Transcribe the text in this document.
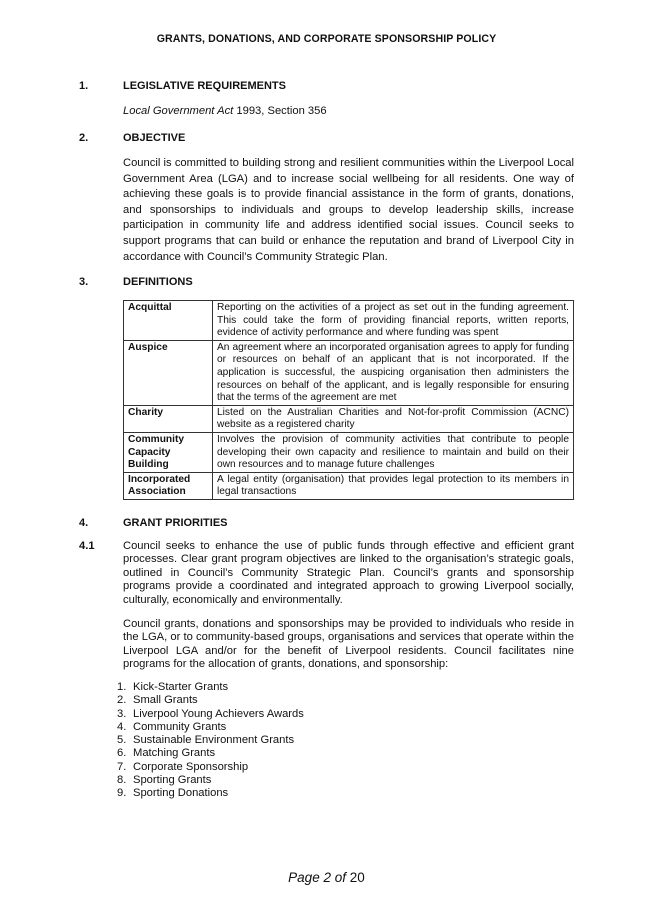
GRANTS, DONATIONS, AND CORPORATE SPONSORSHIP POLICY
1.	LEGISLATIVE REQUIREMENTS
Local Government Act 1993, Section 356
2.	OBJECTIVE
Council is committed to building strong and resilient communities within the Liverpool Local Government Area (LGA) and to increase social wellbeing for all residents. One way of achieving these goals is to provide financial assistance in the form of grants, donations, and sponsorships to individuals and groups to develop leadership skills, increase participation in community life and address identified social issues. Council seeks to support programs that can build or enhance the reputation and brand of Liverpool City in accordance with Council’s Community Strategic Plan.
3.	DEFINITIONS
Acquittal	Reporting on the activities of a project as set out in the funding agreement. This could take the form of providing financial reports, written reports, evidence of activity performance and where funding was spent
Auspice	An agreement where an incorporated organisation agrees to apply for funding or resources on behalf of an applicant that is not incorporated. If the application is successful, the auspicing organisation then administers the resources on behalf of the applicant, and is legally responsible for ensuring that the terms of the agreement are met
Charity	Listed on the Australian Charities and Not-for-profit Commission (ACNC) website as a registered charity
Community Capacity Building	Involves the provision of community activities that contribute to people developing their own capacity and resilience to maintain and build on their own resources and to manage future challenges
Incorporated Association	A legal entity (organisation) that provides legal protection to its members in legal transactions
4.	GRANT PRIORITIES
4.1	Council seeks to enhance the use of public funds through effective and efficient grant processes. Clear grant program objectives are linked to the organisation’s strategic goals, outlined in Council’s Community Strategic Plan. Council’s grants and sponsorship programs provide a coordinated and integrated approach to growing Liverpool socially, culturally, economically and environmentally.
Council grants, donations and sponsorships may be provided to individuals who reside in the LGA, or to community-based groups, organisations and services that operate within the Liverpool LGA and/or for the benefit of Liverpool residents. Council facilitates nine programs for the allocation of grants, donations, and sponsorship:
1. Kick-Starter Grants
2. Small Grants
3. Liverpool Young Achievers Awards
4. Community Grants
5. Sustainable Environment Grants
6. Matching Grants
7. Corporate Sponsorship
8. Sporting Grants
9. Sporting Donations
Page 2 of 20
